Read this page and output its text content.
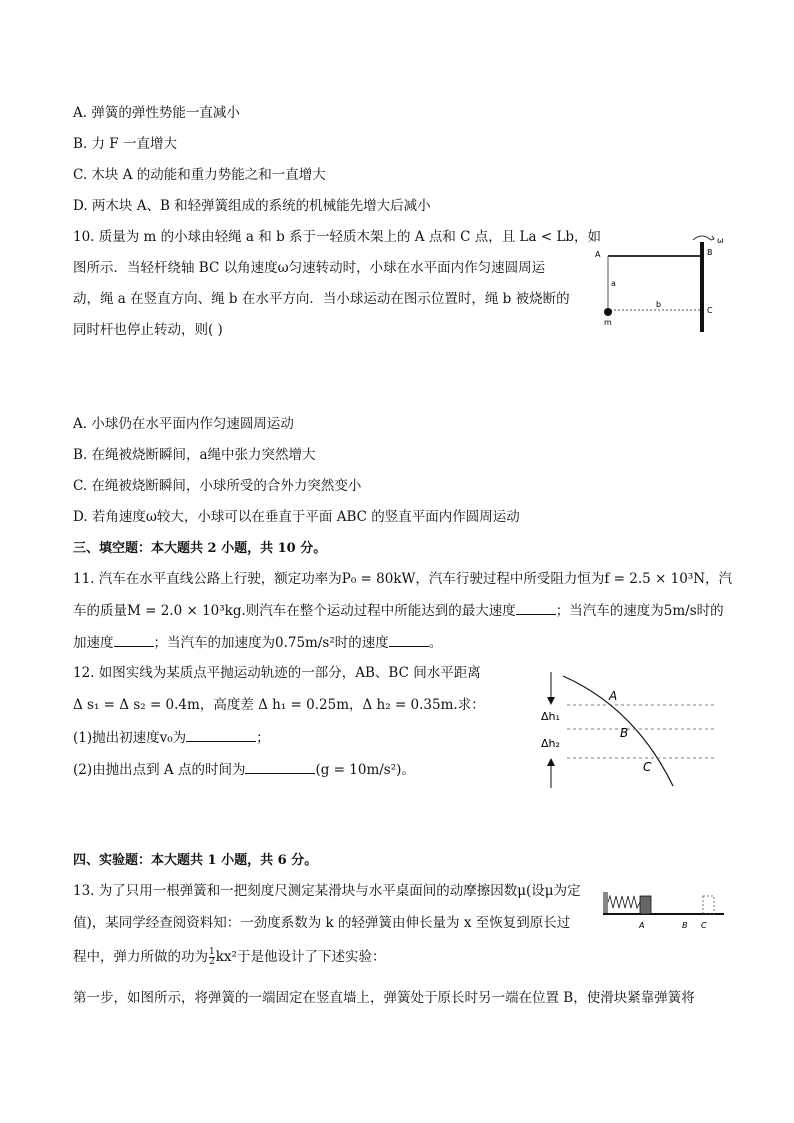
A. 弹簧的弹性势能一直减小
B. 力 F 一直增大
C. 木块 A 的动能和重力势能之和一直增大
D. 两木块 A、B 和轻弹簧组成的系统的机械能先增大后减小
10. 质量为 m 的小球由轻绳 a 和 b 系于一轻质木架上的 A 点和 C 点，且 La < Lb，如
图所示．当轻杆绕轴 BC 以角速度ω匀速转动时，小球在水平面内作匀速圆周运
动，绳 a 在竖直方向、绳 b 在水平方向．当小球运动在图示位置时，绳 b 被烧断的
同时杆也停止转动，则( )
A	B
C
a
b
m
ω
A. 小球仍在水平面内作匀速圆周运动
B. 在绳被烧断瞬间，a绳中张力突然增大
C. 在绳被烧断瞬间，小球所受的合外力突然变小
D. 若角速度ω较大，小球可以在垂直于平面 ABC 的竖直平面内作圆周运动
三、填空题：本大题共 2 小题，共 10 分。
11. 汽车在水平直线公路上行驶，额定功率为P₀ = 80kW，汽车行驶过程中所受阻力恒为f = 2.5 × 10³N，汽
车的质量M = 2.0 × 10³kg.则汽车在整个运动过程中所能达到的最大速度	；当汽车的速度为5m/s时的
加速度	；当汽车的加速度为0.75m/s²时的速度	。
12. 如图实线为某质点平抛运动轨迹的一部分，AB、BC 间水平距离
Δ s₁ = Δ s₂ = 0.4m，高度差 Δ h₁ = 0.25m，Δ h₂ = 0.35m.求：
(1)抛出初速度v₀为	；
(2)由抛出点到 A 点的时间为	(g = 10m/s²)。
Δh₁
Δh₂
A
B
C
四、实验题：本大题共 1 小题，共 6 分。
13. 为了只用一根弹簧和一把刻度尺测定某滑块与水平桌面间的动摩擦因数μ(设μ为定
值)，某同学经查阅资料知：一劲度系数为 k 的轻弹簧由伸长量为 x 至恢复到原长过
程中，弹力所做的功为 $\frac{1}{2} kx^2$于是他设计了下述实验：
第一步，如图所示，将弹簧的一端固定在竖直墙上，弹簧处于原长时另一端在位置 B，使滑块紧靠弹簧将
A	B C
